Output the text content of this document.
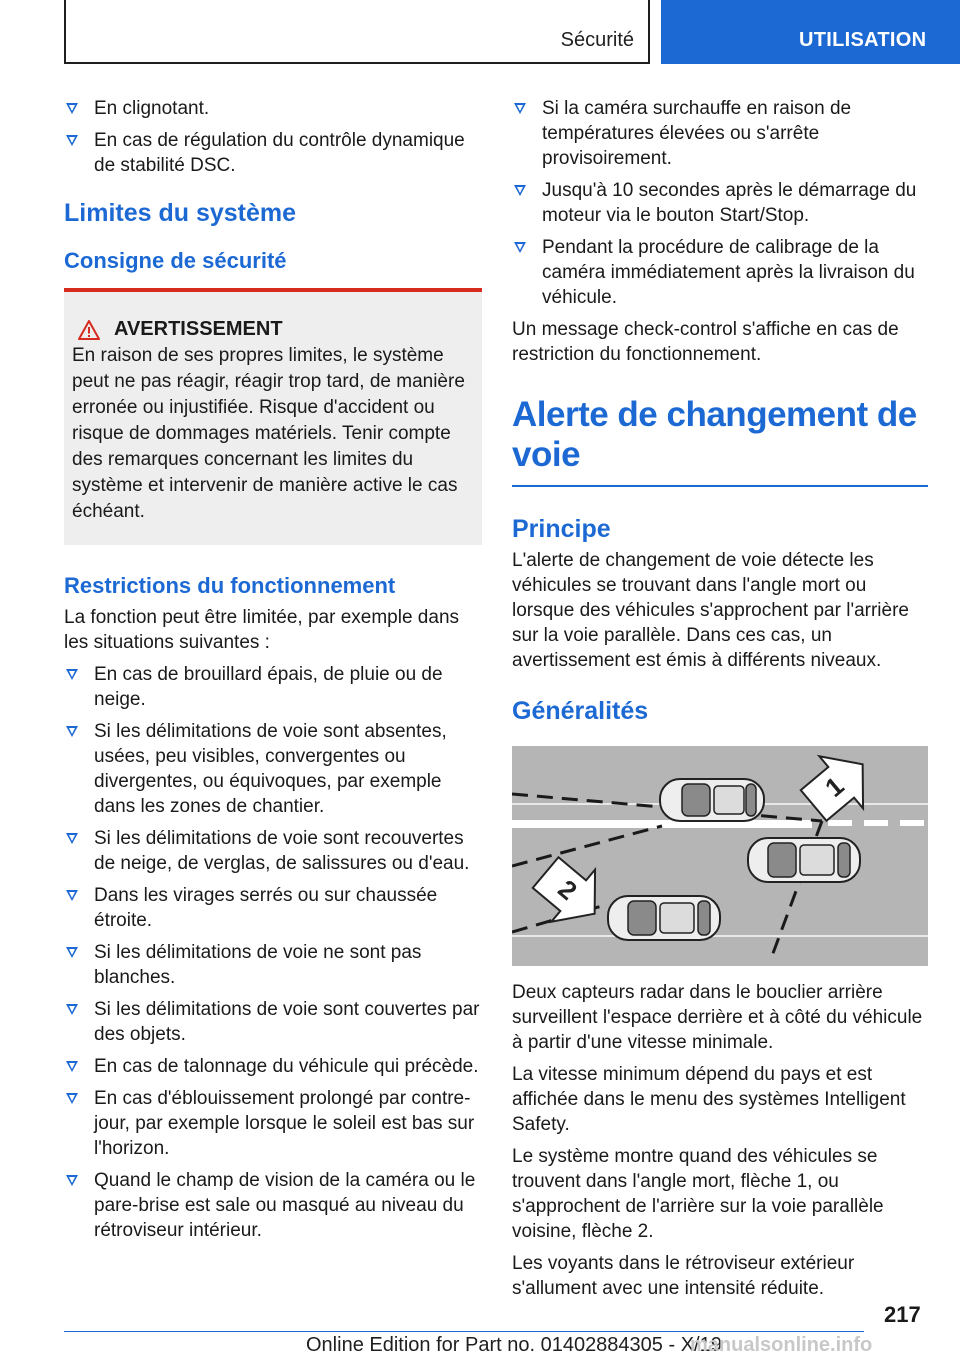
Sécurité	UTILISATION
En clignotant.
En cas de régulation du contrôle dynamique de stabilité DSC.
Limites du système
Consigne de sécurité
AVERTISSEMENT
En raison de ses propres limites, le système peut ne pas réagir, réagir trop tard, de manière erronée ou injustifiée. Risque d'accident ou risque de dommages matériels. Tenir compte des remarques concernant les limites du système et intervenir de manière active le cas échéant.
Restrictions du fonctionnement
La fonction peut être limitée, par exemple dans les situations suivantes :
En cas de brouillard épais, de pluie ou de neige.
Si les délimitations de voie sont absentes, usées, peu visibles, convergentes ou divergentes, ou équivoques, par exemple dans les zones de chantier.
Si les délimitations de voie sont recouvertes de neige, de verglas, de salissures ou d'eau.
Dans les virages serrés ou sur chaussée étroite.
Si les délimitations de voie ne sont pas blanches.
Si les délimitations de voie sont couvertes par des objets.
En cas de talonnage du véhicule qui précède.
En cas d'éblouissement prolongé par contre-jour, par exemple lorsque le soleil est bas sur l'horizon.
Quand le champ de vision de la caméra ou le pare-brise est sale ou masqué au niveau du rétroviseur intérieur.
Si la caméra surchauffe en raison de températures élevées ou s'arrête provisoirement.
Jusqu'à 10 secondes après le démarrage du moteur via le bouton Start/Stop.
Pendant la procédure de calibrage de la caméra immédiatement après la livraison du véhicule.
Un message check-control s'affiche en cas de restriction du fonctionnement.
Alerte de changement de voie
Principe
L'alerte de changement de voie détecte les véhicules se trouvant dans l'angle mort ou lorsque des véhicules s'approchent par l'arrière sur la voie parallèle. Dans ces cas, un avertissement est émis à différents niveaux.
Généralités
1
2
Deux capteurs radar dans le bouclier arrière surveillent l'espace derrière et à côté du véhicule à partir d'une vitesse minimale.
La vitesse minimum dépend du pays et est affichée dans le menu des systèmes Intelligent Safety.
Le système montre quand des véhicules se trouvent dans l'angle mort, flèche 1, ou s'approchent de l'arrière sur la voie parallèle voisine, flèche 2.
Les voyants dans le rétroviseur extérieur s'allument avec une intensité réduite.
217
Online Edition for Part no. 01402884305 - X/19
manualsonline.info
